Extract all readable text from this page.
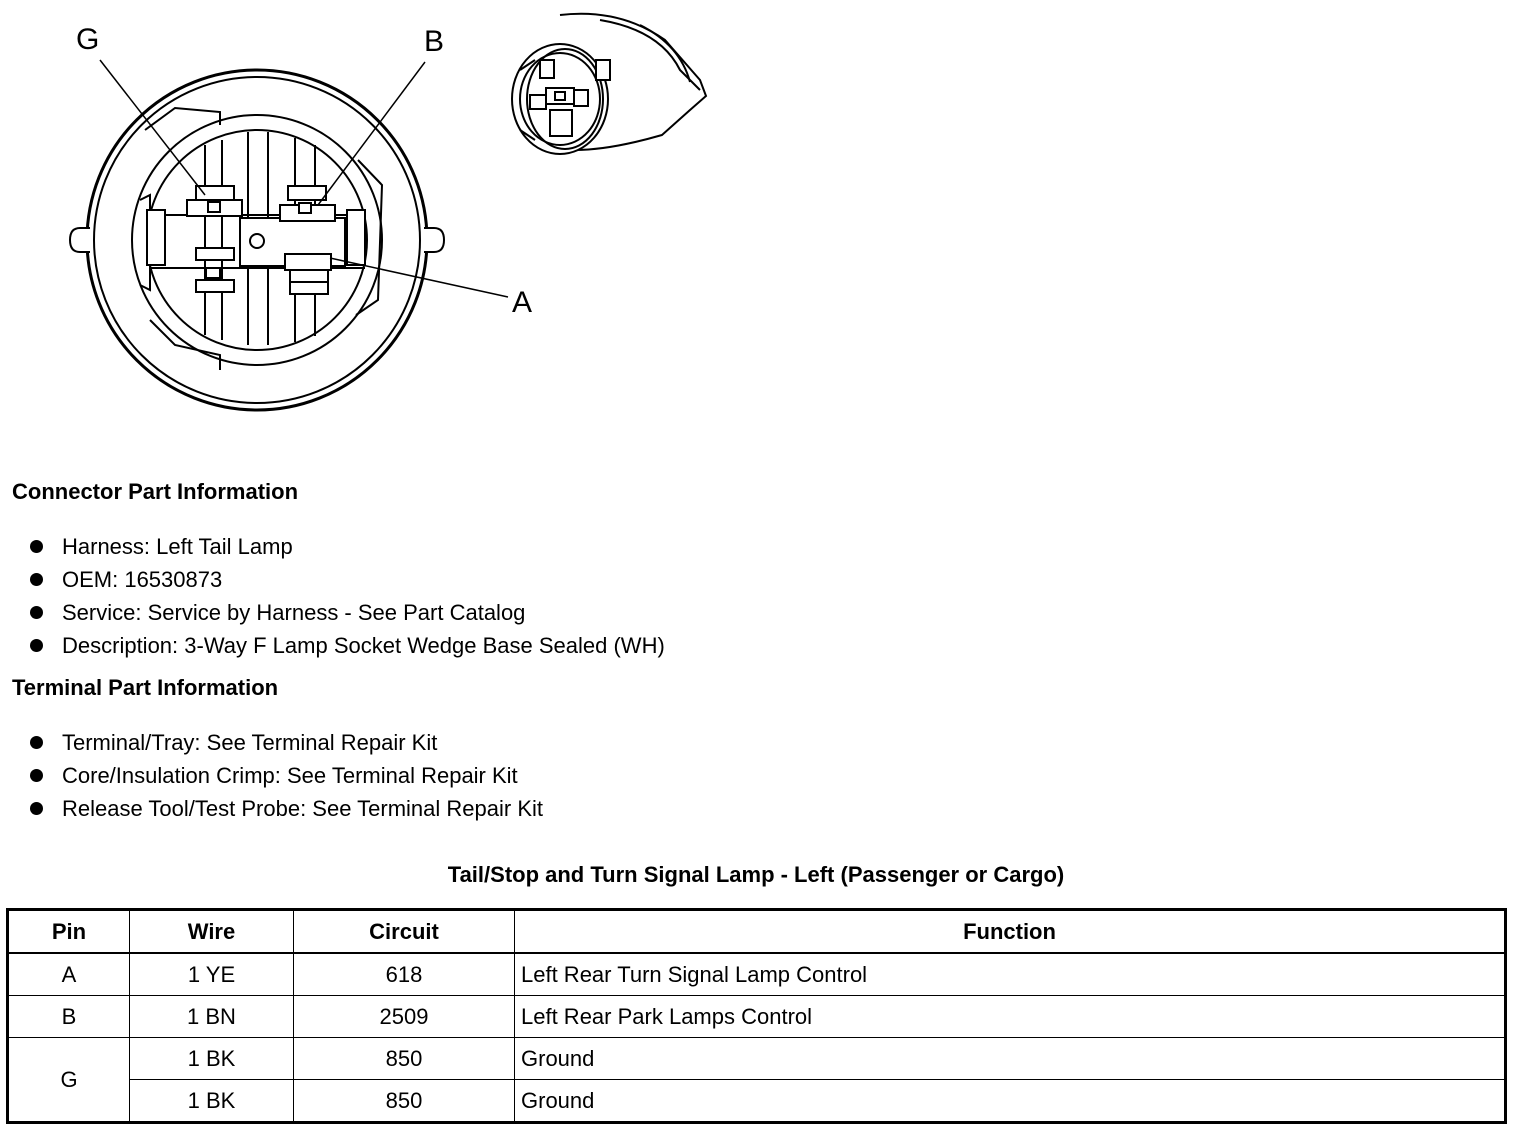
G	B
A
Connector Part Information
Harness: Left Tail Lamp
OEM: 16530873
Service: Service by Harness - See Part Catalog
Description: 3-Way F Lamp Socket Wedge Base Sealed (WH)
Terminal Part Information
Terminal/Tray: See Terminal Repair Kit
Core/Insulation Crimp: See Terminal Repair Kit
Release Tool/Test Probe: See Terminal Repair Kit
Tail/Stop and Turn Signal Lamp - Left (Passenger or Cargo)
Pin	Wire	Circuit	Function
A	1 YE	618	Left Rear Turn Signal Lamp Control
B	1 BN	2509	Left Rear Park Lamps Control
G	1 BK	850	Ground
	1 BK	850	Ground
